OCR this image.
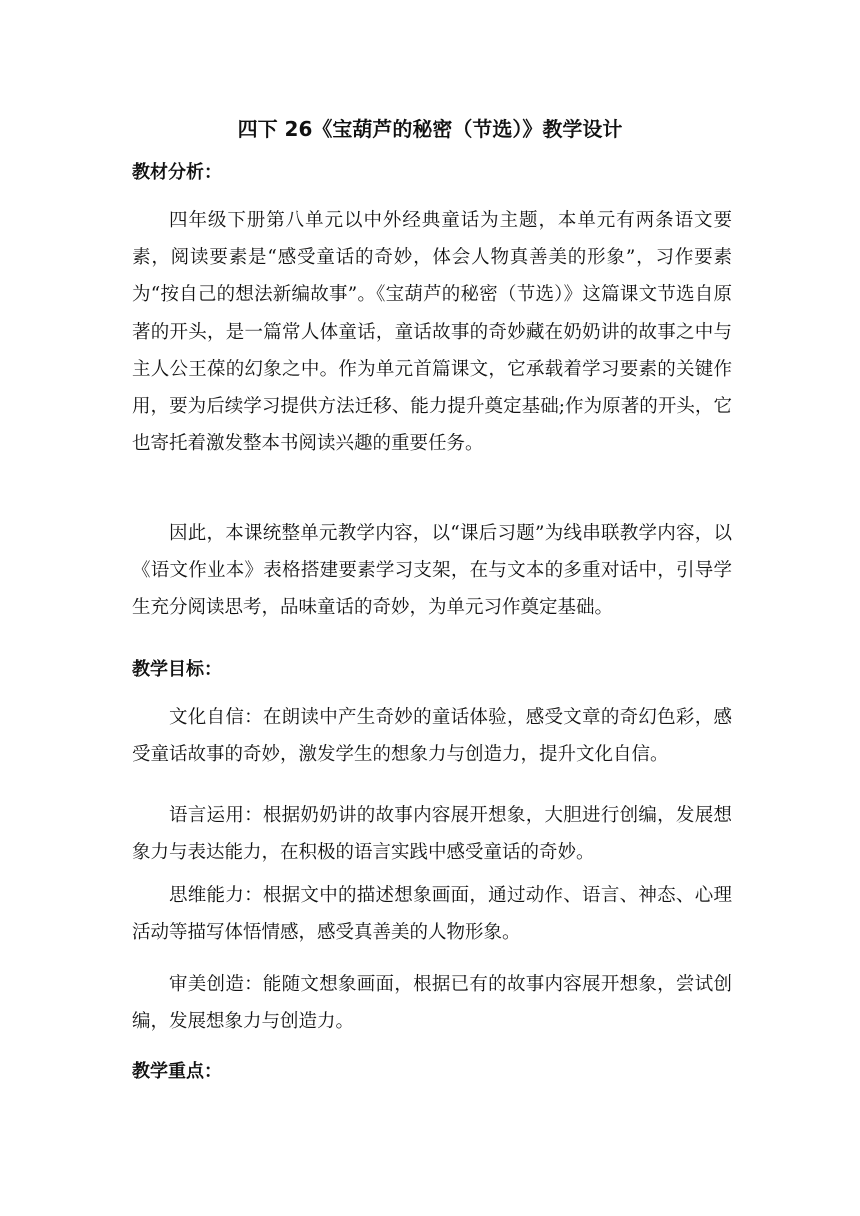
四下 26《宝葫芦的秘密（节选）》教学设计
教材分析：

四年级下册第八单元以中外经典童话为主题，本单元有两条语文要素，阅读要素是“感受童话的奇妙，体会人物真善美的形象”，习作要素为“按自己的想法新编故事”。《宝葫芦的秘密（节选）》这篇课文节选自原著的开头，是一篇常人体童话，童话故事的奇妙藏在奶奶讲的故事之中与主人公王葆的幻象之中。作为单元首篇课文，它承载着学习要素的关键作用，要为后续学习提供方法迁移、能力提升奠定基础;作为原著的开头，它也寄托着激发整本书阅读兴趣的重要任务。

因此，本课统整单元教学内容，以“课后习题”为线串联教学内容，以《语文作业本》表格搭建要素学习支架，在与文本的多重对话中，引导学生充分阅读思考，品味童话的奇妙，为单元习作奠定基础。

教学目标：

文化自信：在朗读中产生奇妙的童话体验，感受文章的奇幻色彩，感受童话故事的奇妙，激发学生的想象力与创造力，提升文化自信。

语言运用：根据奶奶讲的故事内容展开想象，大胆进行创编，发展想象力与表达能力，在积极的语言实践中感受童话的奇妙。

思维能力：根据文中的描述想象画面，通过动作、语言、神态、心理活动等描写体悟情感，感受真善美的人物形象。

审美创造：能随文想象画面，根据已有的故事内容展开想象，尝试创编，发展想象力与创造力。

教学重点：
